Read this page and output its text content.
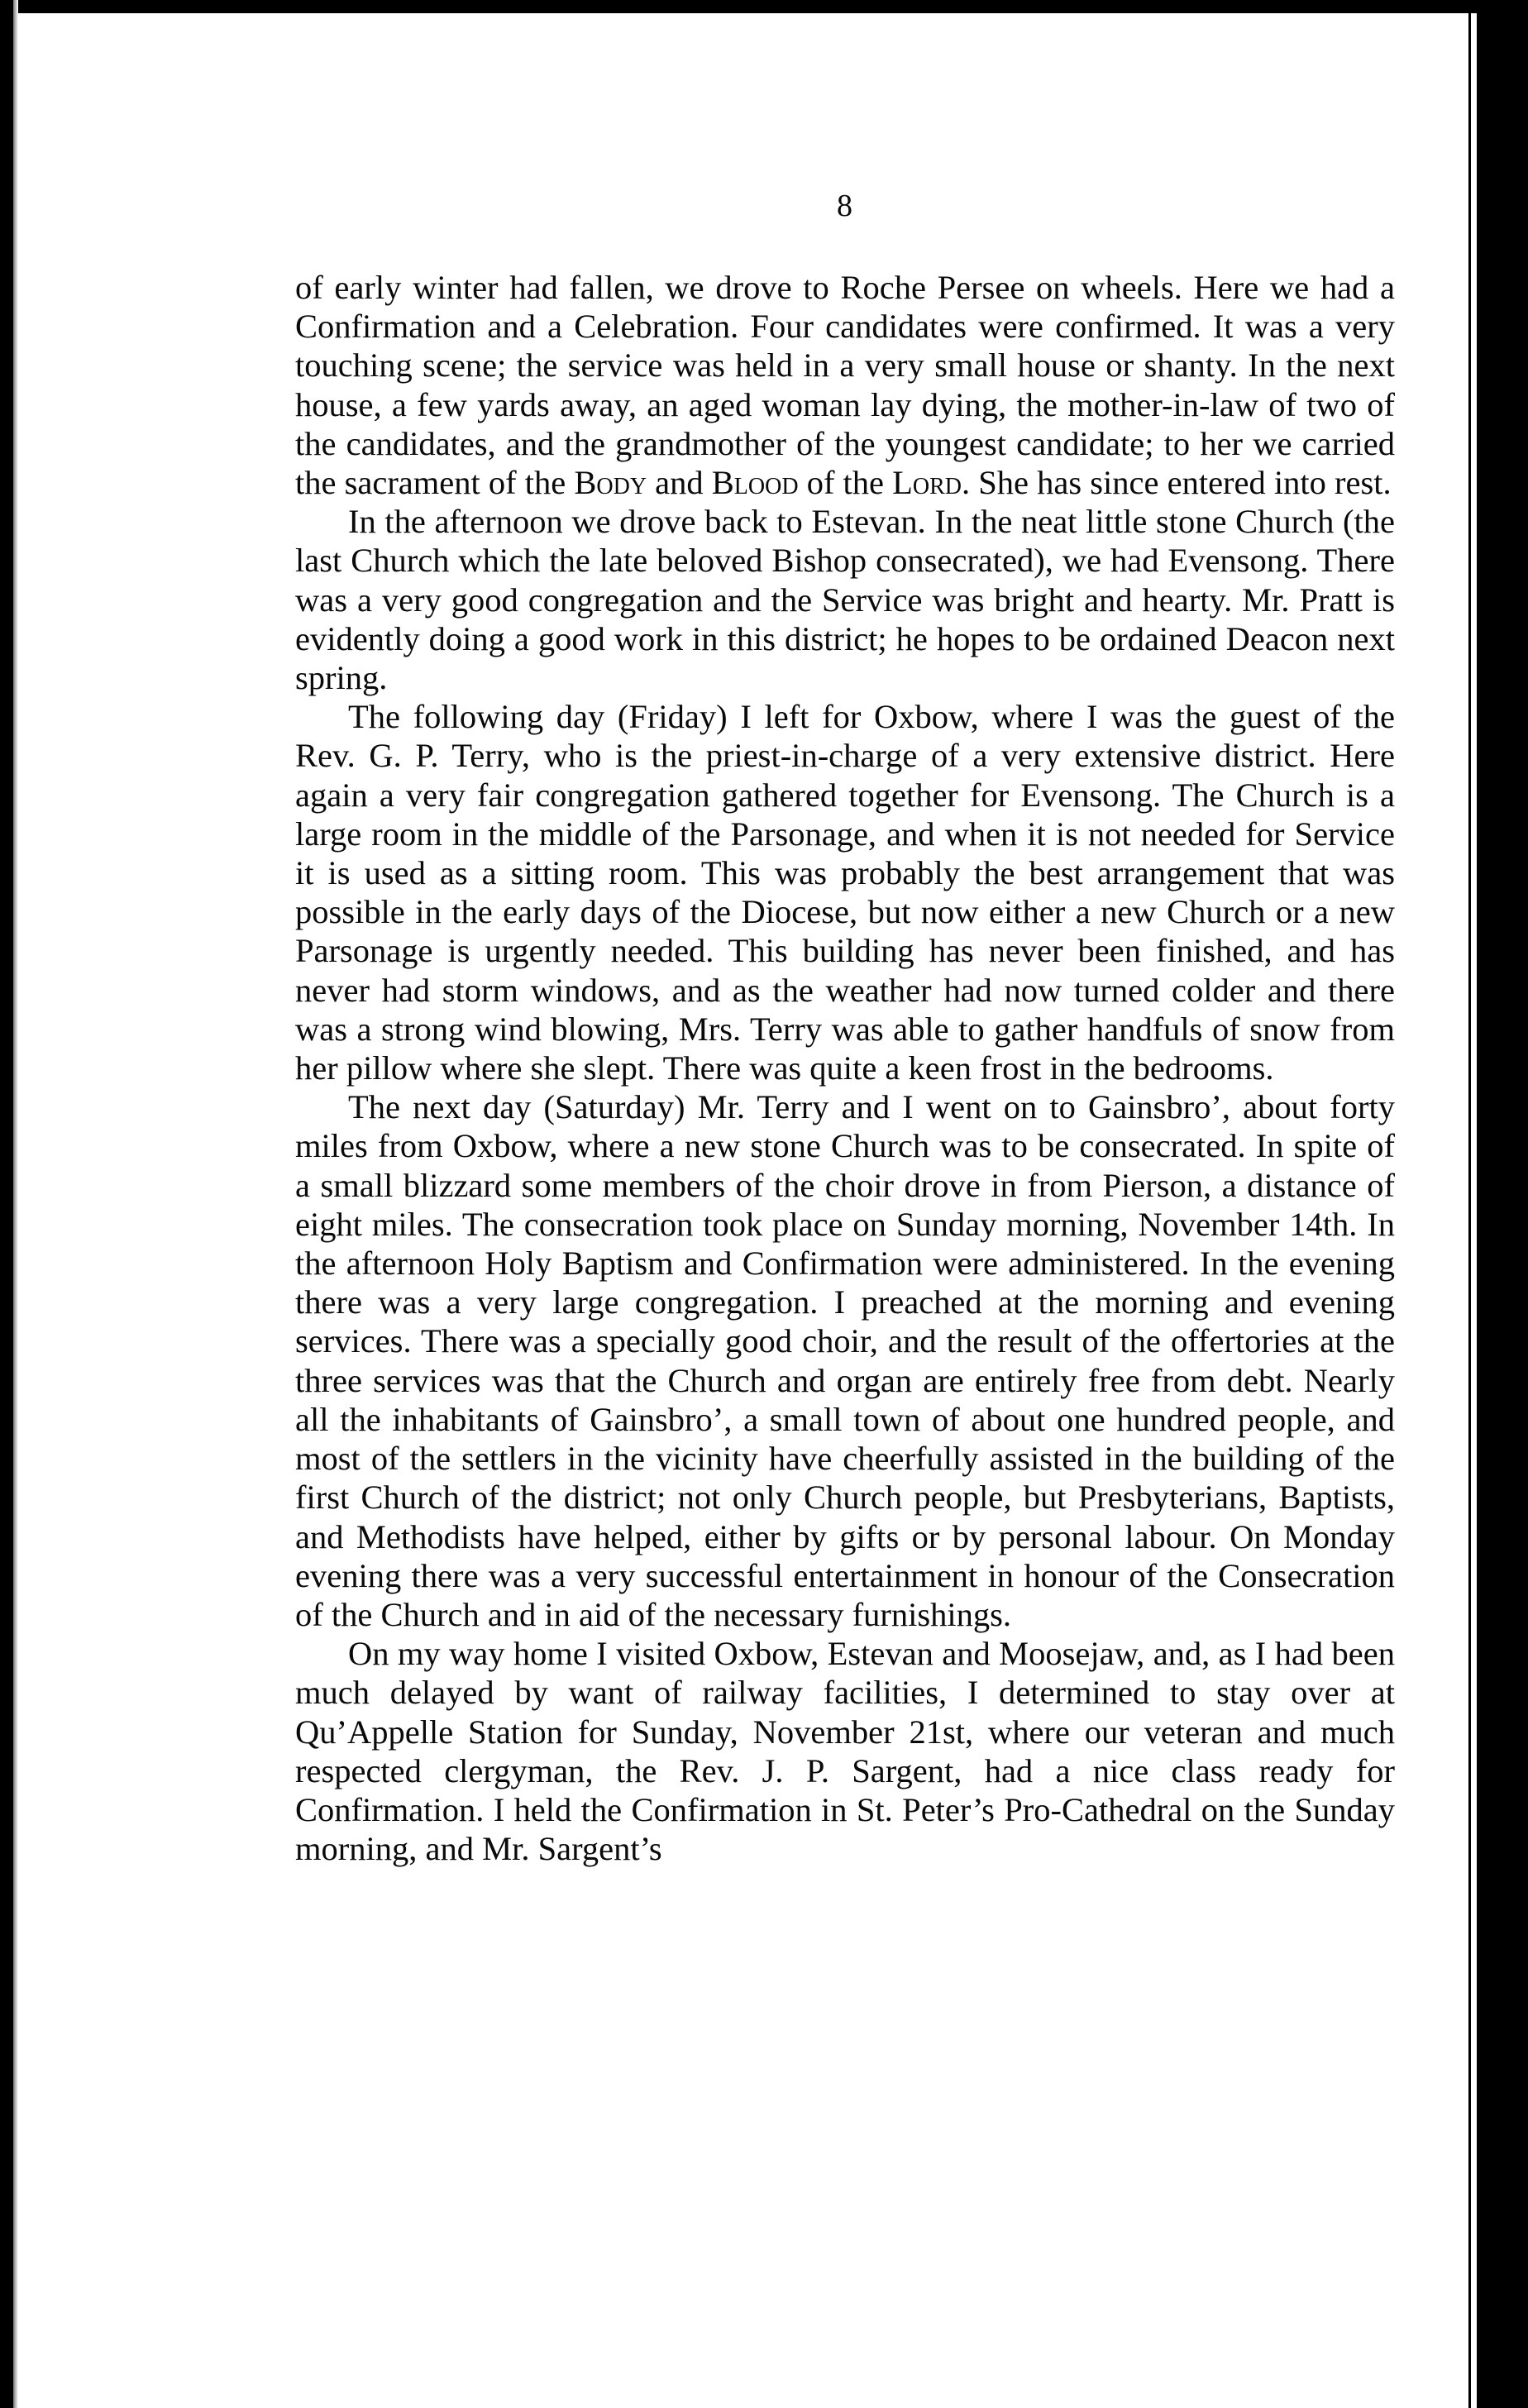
8

of early winter had fallen, we drove to Roche Persee on wheels. Here we had a Confirmation and a Celebration. Four candidates were confirmed. It was a very touching scene; the service was held in a very small house or shanty. In the next house, a few yards away, an aged woman lay dying, the mother-in-law of two of the candidates, and the grandmother of the youngest candidate; to her we carried the sacrament of the Body and Blood of the Lord. She has since entered into rest.

In the afternoon we drove back to Estevan. In the neat little stone Church (the last Church which the late beloved Bishop consecrated), we had Evensong. There was a very good congregation and the Service was bright and hearty. Mr. Pratt is evidently doing a good work in this district; he hopes to be ordained Deacon next spring.

The following day (Friday) I left for Oxbow, where I was the guest of the Rev. G. P. Terry, who is the priest-in-charge of a very extensive district. Here again a very fair congregation gathered together for Evensong. The Church is a large room in the middle of the Parsonage, and when it is not needed for Service it is used as a sitting room. This was probably the best arrangement that was possible in the early days of the Diocese, but now either a new Church or a new Parsonage is urgently needed. This building has never been finished, and has never had storm windows, and as the weather had now turned colder and there was a strong wind blowing, Mrs. Terry was able to gather handfuls of snow from her pillow where she slept. There was quite a keen frost in the bedrooms.

The next day (Saturday) Mr. Terry and I went on to Gainsbro’, about forty miles from Oxbow, where a new stone Church was to be consecrated. In spite of a small blizzard some members of the choir drove in from Pierson, a distance of eight miles. The consecration took place on Sunday morning, November 14th. In the afternoon Holy Baptism and Confirmation were administered. In the evening there was a very large congregation. I preached at the morning and evening services. There was a specially good choir, and the result of the offertories at the three services was that the Church and organ are entirely free from debt. Nearly all the inhabitants of Gainsbro’, a small town of about one hundred people, and most of the settlers in the vicinity have cheerfully assisted in the building of the first Church of the district; not only Church people, but Presbyterians, Baptists, and Methodists have helped, either by gifts or by personal labour. On Monday evening there was a very successful entertainment in honour of the Consecration of the Church and in aid of the necessary furnishings.

On my way home I visited Oxbow, Estevan and Moosejaw, and, as I had been much delayed by want of railway facilities, I determined to stay over at Qu’Appelle Station for Sunday, November 21st, where our veteran and much respected clergyman, the Rev. J. P. Sargent, had a nice class ready for Confirmation. I held the Confirmation in St. Peter’s Pro-Cathedral on the Sunday morning, and Mr. Sargent’s
